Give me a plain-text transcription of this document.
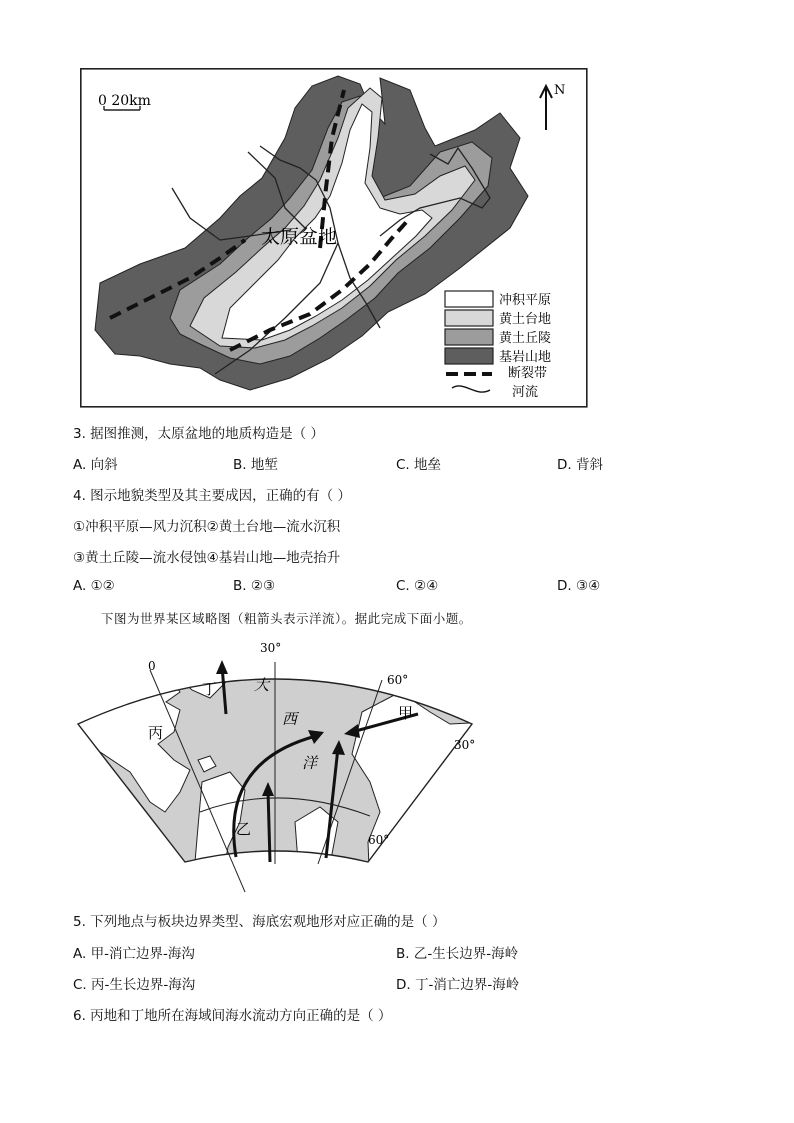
0 20km
N
太原盆地
冲积平原
黄土台地
黄土丘陵
基岩山地
断裂带
河流
3. 据图推测，太原盆地的地质构造是（ ）
A. 向斜	B. 地堑	C. 地垒	D. 背斜
4. 图示地貌类型及其主要成因，正确的有（ ）
①冲积平原—风力沉积②黄土台地—流水沉积
③黄土丘陵—流水侵蚀④基岩山地—地壳抬升
A. ①②	B. ②③	C. ②④	D. ③④
下图为世界某区域略图（粗箭头表示洋流）。据此完成下面小题。
0
30°
60°
30°
60°
丁 大
西
洋
甲
丙
乙
5. 下列地点与板块边界类型、海底宏观地形对应正确的是（ ）
A. 甲-消亡边界-海沟	B. 乙-生长边界-海岭
C. 丙-生长边界-海沟	D. 丁-消亡边界-海岭
6. 丙地和丁地所在海域间海水流动方向正确的是（ ）
